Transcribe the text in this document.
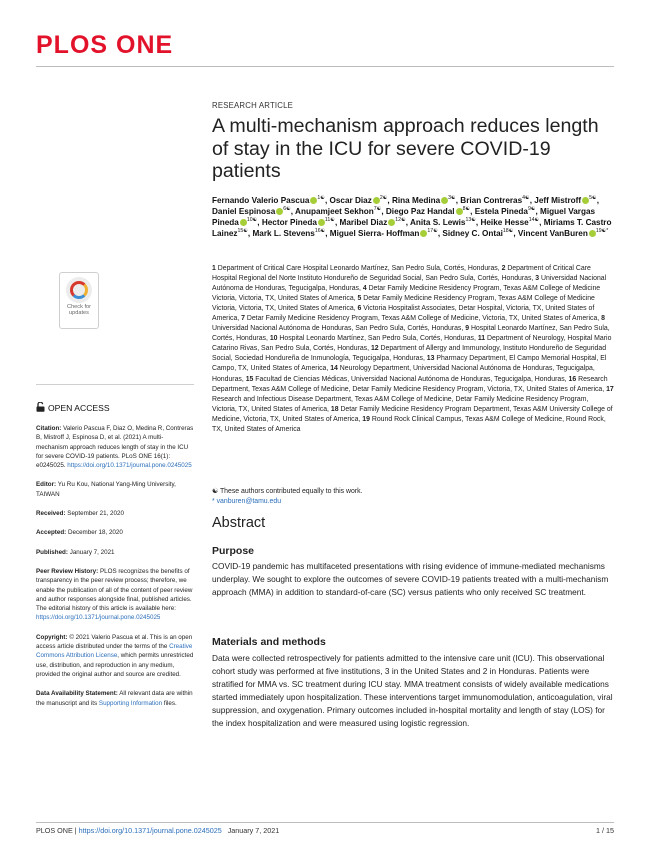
PLOS ONE
Check for
updates
OPEN ACCESS

Citation: Valerio Pascua F, Diaz O, Medina R, Contreras B, Mistroff J, Espinosa D, et al. (2021) A multi-mechanism approach reduces length of stay in the ICU for severe COVID-19 patients. PLoS ONE 16(1): e0245025. https://doi.org/10.1371/journal.pone.0245025

Editor: Yu Ru Kou, National Yang-Ming University, TAIWAN

Received: September 21, 2020

Accepted: December 18, 2020

Published: January 7, 2021

Peer Review History: PLOS recognizes the benefits of transparency in the peer review process; therefore, we enable the publication of all of the content of peer review and author responses alongside final, published articles. The editorial history of this article is available here: https://doi.org/10.1371/journal.pone.0245025

Copyright: © 2021 Valerio Pascua et al. This is an open access article distributed under the terms of the Creative Commons Attribution License, which permits unrestricted use, distribution, and reproduction in any medium, provided the original author and source are credited.

Data Availability Statement: All relevant data are within the manuscript and its Supporting Information files.

RESEARCH ARTICLE
A multi-mechanism approach reduces length of stay in the ICU for severe COVID-19 patients
Fernando Valerio Pascua $^{1☯}$, Oscar Diaz $^{2☯}$, Rina Medina $^{3☯}$, Brian Contreras$^{4☯}$, Jeff Mistroff $^{5☯}$, Daniel Espinosa $^{6☯}$, Anupamjeet Sekhon$^{7☯}$, Diego Paz Handal $^{8☯}$, Estela Pineda$^{9☯}$, Miguel Vargas Pineda $^{10☯}$, Hector Pineda $^{11☯}$, Maribel Diaz $^{12☯}$, Anita S. Lewis$^{13☯}$, Heike Hesse$^{14☯}$, Miriams T. Castro Lainez$^{15☯}$, Mark L. Stevens$^{16☯}$, Miguel Sierra- Hoffman $^{17☯}$, Sidney C. Ontai$^{18☯}$, Vincent VanBuren $^{19☯*}$
1 Department of Critical Care Hospital Leonardo Martínez, San Pedro Sula, Cortés, Honduras, 2 Department of Critical Care Hospital Regional del Norte Instituto Hondureño de Seguridad Social, San Pedro Sula, Cortés, Honduras, 3 Universidad Nacional Autónoma de Honduras, Tegucigalpa, Honduras, 4 Detar Family Medicine Residency Program, Texas A&M College of Medicine Victoria, Victoria, TX, United States of America, 5 Detar Family Medicine Residency Program, Texas A&M College of Medicine Victoria, Victoria, TX, United States of America, 6 Victoria Hospitalist Associates, Detar Hospital, Victoria, TX, United States of America, 7 Detar Family Medicine Residency Program, Texas A&M College of Medicine, Victoria, TX, United States of America, 8 Universidad Nacional Autónoma de Honduras, San Pedro Sula, Cortés, Honduras, 9 Hospital Leonardo Martínez, San Pedro Sula, Cortés, Honduras, 10 Hospital Leonardo Martínez, San Pedro Sula, Cortés, Honduras, 11 Department of Neurology, Hospital Mario Catarino Rivas, San Pedro Sula, Cortés, Honduras, 12 Department of Allergy and Immunology, Instituto Hondureño de Seguridad Social, Sociedad Hondureña de Inmunología, Tegucigalpa, Honduras, 13 Pharmacy Department, El Campo Memorial Hospital, El Campo, TX, United States of America, 14 Neurology Department, Universidad Nacional Autónoma de Honduras, Tegucigalpa, Honduras, 15 Facultad de Ciencias Médicas, Universidad Nacional Autónoma de Honduras, Tegucigalpa, Honduras, 16 Research Department, Texas A&M College of Medicine, Detar Family Medicine Residency Program, Victoria, TX, United States of America, 17 Research and Infectious Disease Department, Texas A&M College of Medicine, Detar Family Medicine Residency Program, Victoria, TX, United States of America, 18 Detar Family Medicine Residency Program Department, Texas A&M University College of Medicine, Victoria, TX, United States of America, 19 Round Rock Clinical Campus, Texas A&M College of Medicine, Round Rock, TX, United States of America
☯ These authors contributed equally to this work.
* vanburen@tamu.edu
Abstract
Purpose
COVID-19 pandemic has multifaceted presentations with rising evidence of immune-mediated mechanisms underplay. We sought to explore the outcomes of severe COVID-19 patients treated with a multi-mechanism approach (MMA) in addition to standard-of-care (SC) versus patients who only received SC treatment.
Materials and methods
Data were collected retrospectively for patients admitted to the intensive care unit (ICU). This observational cohort study was performed at five institutions, 3 in the United States and 2 in Honduras. Patients were stratified for MMA vs. SC treatment during ICU stay. MMA treatment consists of widely available medications started immediately upon hospitalization. These interventions target immunomodulation, anticoagulation, viral suppression, and oxygenation. Primary outcomes included in-hospital mortality and length of stay (LOS) for the index hospitalization and were measured using logistic regression.
PLOS ONE | https://doi.org/10.1371/journal.pone.0245025 January 7, 2021	1 / 15
